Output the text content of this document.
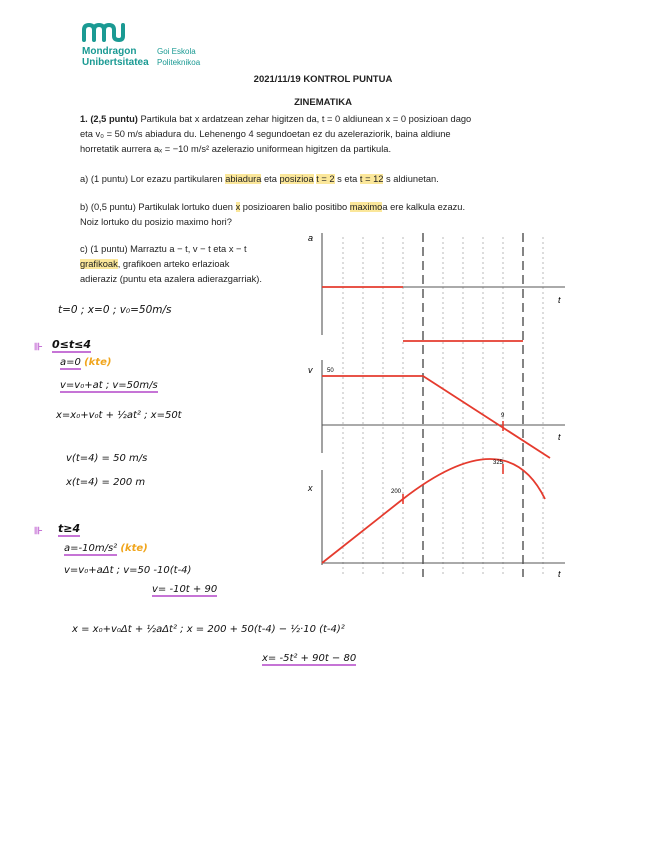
Mondragon
Unibertsitatea
Goi Eskola
Politeknikoa
2021/11/19 KONTROL PUNTUA
ZINEMATIKA
1. (2,5 puntu) Partikula bat x ardatzean zehar higitzen da, t = 0 aldiunean x = 0 posizioan dago
eta v₀ = 50 m/s abiadura du. Lehenengo 4 segundoetan ez du azeleraziorik, baina aldiune
horretatik aurrera aₓ = −10 m/s² azelerazio uniformean higitzen da partikula.
a) (1 puntu) Lor ezazu partikularen abiadura eta posizioa t = 2 s eta t = 12 s aldiunetan.
b) (0,5 puntu) Partikulak lortuko duen x posizioaren balio positibo maximoa ere kalkula ezazu.
Noiz lortuko du posizio maximo hori?
c) (1 puntu) Marraztu a − t, v − t eta x − t
grafikoak, grafikoen arteko erlazioak
adieraziz (puntu eta azalera adierazgarriak).
a
t
v
t
x
t
50
9
200
325
t=0 ; x=0 ; v₀=50m/s
⊪ 0≤t≤4
a=0 (kte)
v=v₀+at ; v=50m/s
x=x₀+v₀t + ½at² ; x=50t
v(t=4) = 50 m/s
x(t=4) = 200 m
⊪ t≥4
a=-10m/s² (kte)
v=v₀+aΔt ; v=50 -10(t-4)
v= -10t + 90
x = x₀+v₀Δt + ½aΔt² ; x = 200 + 50(t-4) − ½·10 (t-4)²
x= -5t² + 90t − 80
